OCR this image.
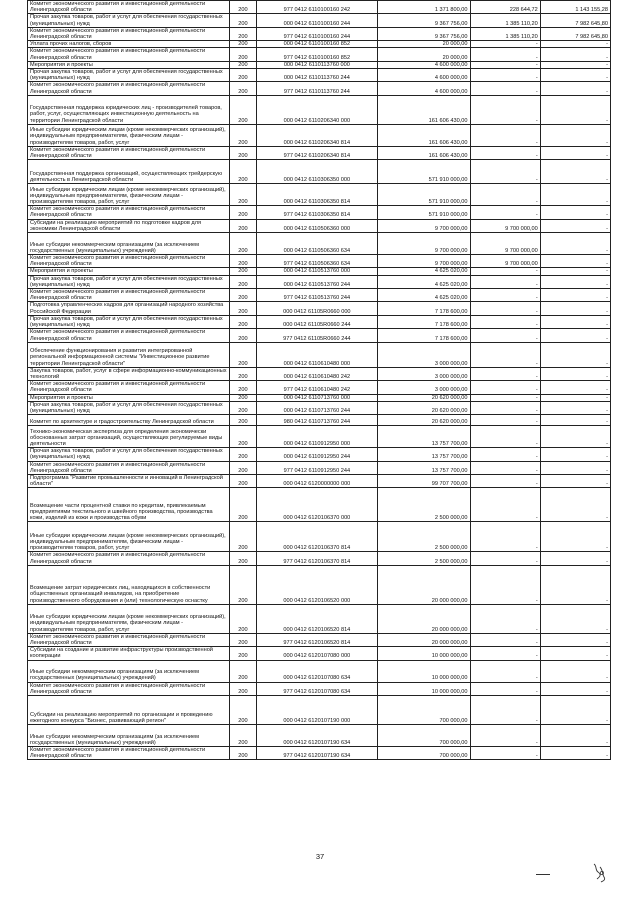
Комитет экономического развития и инвестиционной деятельности Ленинградской области	200	977 0412 6110100160 242	1 371 800,00	228 644,72	1 143 155,28
Прочая закупка товаров, работ и услуг для обеспечения государственных (муниципальных) нужд	200	000 0412 6110100160 244	9 367 756,00	1 385 110,20	7 982 645,80
Комитет экономического развития и инвестиционной деятельности Ленинградской области	200	977 0412 6110100160 244	9 367 756,00	1 385 110,20	7 982 645,80
Уплата прочих налогов, сборов	200	000 0412 6110100160 852	20 000,00	-	-
Комитет экономического развития и инвестиционной деятельности Ленинградской области	200	977 0412 6110100160 852	20 000,00	-	-
Мероприятия и проекты	200	000 0412 6110113760 000	4 600 000,00	-	-
Прочая закупка товаров, работ и услуг для обеспечения государственных (муниципальных) нужд	200	000 0412 6110113760 244	4 600 000,00	-	-
Комитет экономического развития и инвестиционной деятельности Ленинградской области	200	977 0412 6110113760 244	4 600 000,00	-	-
Государственная поддержка юридических лиц - производителей товаров, работ, услуг, осуществляющих инвестиционную деятельность на территории Ленинградской области	200	000 0412 6110206340 000	161 606 430,00	-	-
Иные субсидии юридическим лицам (кроме некоммерческих организаций), индивидуальным предпринимателям, физическим лицам - производителям товаров, работ, услуг	200	000 0412 6110206340 814	161 606 430,00	-	-
Комитет экономического развития и инвестиционной деятельности Ленинградской области	200	977 0412 6110206340 814	161 606 430,00	-	-
Государственная поддержка организаций, осуществляющих трейдерскую деятельность в Ленинградской области	200	000 0412 6110306350 000	571 910 000,00	-	-
Иные субсидии юридическим лицам (кроме некоммерческих организаций), индивидуальным предпринимателям, физическим лицам - производителям товаров, работ, услуг	200	000 0412 6110306350 814	571 910 000,00	-	-
Комитет экономического развития и инвестиционной деятельности Ленинградской области	200	977 0412 6110306350 814	571 910 000,00	-	-
Субсидии на реализацию мероприятий по подготовке кадров для экономики Ленинградской области	200	000 0412 6110506360 000	9 700 000,00	9 700 000,00	-
Иные субсидии некоммерческим организациям (за исключением государственных (муниципальных) учреждений)	200	000 0412 6110506360 634	9 700 000,00	9 700 000,00	-
Комитет экономического развития и инвестиционной деятельности Ленинградской области	200	977 0412 6110506360 634	9 700 000,00	9 700 000,00	-
Мероприятия и проекты	200	000 0412 6110513760 000	4 625 020,00	-	-
Прочая закупка товаров, работ и услуг для обеспечения государственных (муниципальных) нужд	200	000 0412 6110513760 244	4 625 020,00	-	-
Комитет экономического развития и инвестиционной деятельности Ленинградской области	200	977 0412 6110513760 244	4 625 020,00	-	-
Подготовка управленческих кадров для организаций народного хозяйства Российской Федерации	200	000 0412 61105R0660 000	7 178 600,00	-	-
Прочая закупка товаров, работ и услуг для обеспечения государственных (муниципальных) нужд	200	000 0412 61105R0660 244	7 178 600,00	-	-
Комитет экономического развития и инвестиционной деятельности Ленинградской области	200	977 0412 61105R0660 244	7 178 600,00	-	-
Обеспечение функционирования и развития интегрированной региональной информационной системы "Инвестиционное развитие территории Ленинградской области"	200	000 0412 6110610480 000	3 000 000,00	-	-
Закупка товаров, работ, услуг в сфере информационно-коммуникационных технологий	200	000 0412 6110610480 242	3 000 000,00	-	-
Комитет экономического развития и инвестиционной деятельности Ленинградской области	200	977 0412 6110610480 242	3 000 000,00	-	-
Мероприятия и проекты	200	000 0412 6110713760 000	20 620 000,00	-	-
Прочая закупка товаров, работ и услуг для обеспечения государственных (муниципальных) нужд	200	000 0412 6110713760 244	20 620 000,00	-	-
Комитет по архитектуре и градостроительству Ленинградской области	200	980 0412 6110713760 244	20 620 000,00	-	-
Технико-экономическая экспертиза для определения экономически обоснованных затрат организаций, осуществляющих регулируемые виды деятельности	200	000 0412 6110912950 000	13 757 700,00	-	-
Прочая закупка товаров, работ и услуг для обеспечения государственных (муниципальных) нужд	200	000 0412 6110912950 244	13 757 700,00	-	-
Комитет экономического развития и инвестиционной деятельности Ленинградской области	200	977 0412 6110912950 244	13 757 700,00	-	-
Подпрограмма "Развитие промышленности и инноваций в Ленинградской области"	200	000 0412 6120000000 000	99 707 700,00	-	-
Возмещение части процентной ставки по кредитам, привлекаемым предприятиями текстильного и швейного производства, производства кожи, изделий из кожи и производства обуви	200	000 0412 6120106370 000	2 500 000,00	-	-
Иные субсидии юридическим лицам (кроме некоммерческих организаций), индивидуальным предпринимателям, физическим лицам - производителям товаров, работ, услуг	200	000 0412 6120106370 814	2 500 000,00	-	-
Комитет экономического развития и инвестиционной деятельности Ленинградской области	200	977 0412 6120106370 814	2 500 000,00	-	-
Возмещение затрат юридических лиц, находящихся в собственности общественных организаций инвалидов, на приобретение производственного оборудования и (или) технологическую оснастку	200	000 0412 6120106520 000	20 000 000,00	-	-
Иные субсидии юридическим лицам (кроме некоммерческих организаций), индивидуальным предпринимателям, физическим лицам - производителям товаров, работ, услуг	200	000 0412 6120106520 814	20 000 000,00	-	-
Комитет экономического развития и инвестиционной деятельности Ленинградской области	200	977 0412 6120106520 814	20 000 000,00	-	-
Субсидии на создание и развитие инфраструктуры производственной кооперации	200	000 0412 6120107080 000	10 000 000,00	-	-
Иные субсидии некоммерческим организациям (за исключением государственных (муниципальных) учреждений)	200	000 0412 6120107080 634	10 000 000,00	-	-
Комитет экономического развития и инвестиционной деятельности Ленинградской области	200	977 0412 6120107080 634	10 000 000,00	-	-
Субсидии на реализацию мероприятий по организации и проведению ежегодного конкурса "Бизнес, развивающий регион"	200	000 0412 6120107190 000	700 000,00	-	-
Иные субсидии некоммерческим организациям (за исключением государственных (муниципальных) учреждений)	200	000 0412 6120107190 634	700 000,00	-	-
Комитет экономического развития и инвестиционной деятельности Ленинградской области	200	977 0412 6120107190 634	700 000,00	-	-
37
